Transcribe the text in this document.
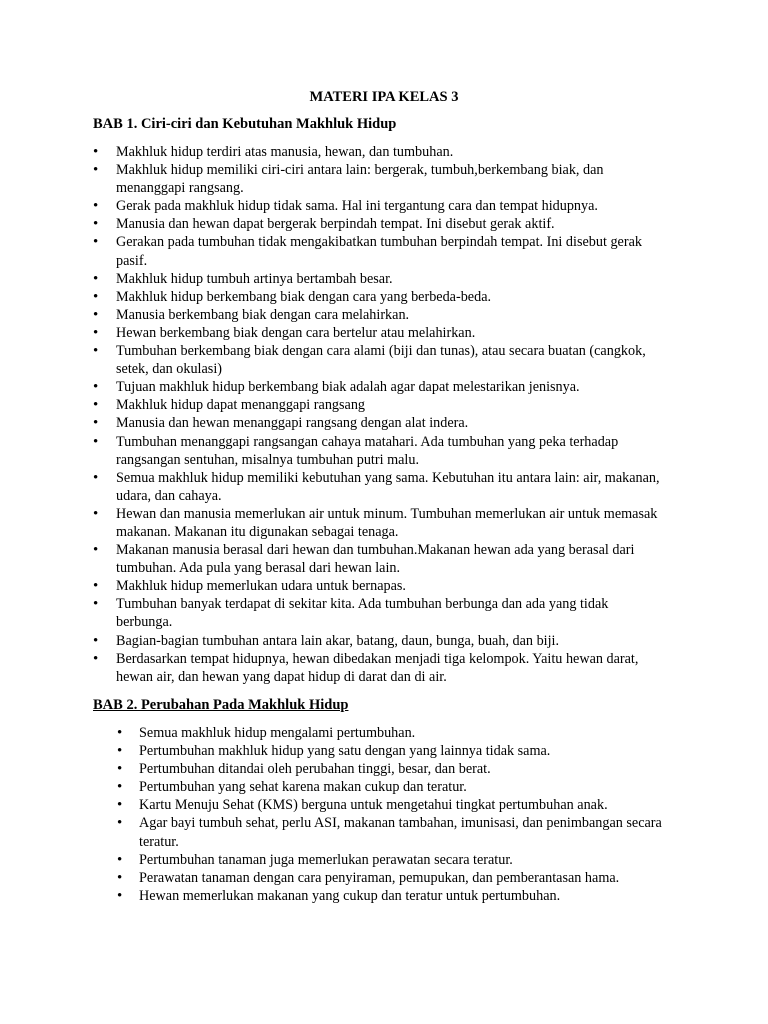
MATERI IPA KELAS 3
BAB 1. Ciri-ciri dan Kebutuhan Makhluk Hidup
• Makhluk hidup terdiri atas manusia, hewan, dan tumbuhan.
• Makhluk hidup memiliki ciri-ciri antara lain: bergerak, tumbuh,berkembang biak, dan menanggapi rangsang.
• Gerak pada makhluk hidup tidak sama. Hal ini tergantung cara dan tempat hidupnya.
• Manusia dan hewan dapat bergerak berpindah tempat. Ini disebut gerak aktif.
• Gerakan pada tumbuhan tidak mengakibatkan tumbuhan berpindah tempat. Ini disebut gerak pasif.
• Makhluk hidup tumbuh artinya bertambah besar.
• Makhluk hidup berkembang biak dengan cara yang berbeda-beda.
• Manusia berkembang biak dengan cara melahirkan.
• Hewan berkembang biak dengan cara bertelur atau melahirkan.
• Tumbuhan berkembang biak dengan cara alami (biji dan tunas), atau secara buatan (cangkok, setek, dan okulasi)
• Tujuan makhluk hidup berkembang biak adalah agar dapat melestarikan jenisnya.
• Makhluk hidup dapat menanggapi rangsang
• Manusia dan hewan menanggapi rangsang dengan alat indera.
• Tumbuhan menanggapi rangsangan cahaya matahari. Ada tumbuhan yang peka terhadap rangsangan sentuhan, misalnya tumbuhan putri malu.
• Semua makhluk hidup memiliki kebutuhan yang sama. Kebutuhan itu antara lain: air, makanan, udara, dan cahaya.
• Hewan dan manusia memerlukan air untuk minum. Tumbuhan memerlukan air untuk memasak makanan. Makanan itu digunakan sebagai tenaga.
• Makanan manusia berasal dari hewan dan tumbuhan.Makanan hewan ada yang berasal dari tumbuhan. Ada pula yang berasal dari hewan lain.
• Makhluk hidup memerlukan udara untuk bernapas.
• Tumbuhan banyak terdapat di sekitar kita. Ada tumbuhan berbunga dan ada yang tidak berbunga.
• Bagian-bagian tumbuhan antara lain akar, batang, daun, bunga, buah, dan biji.
• Berdasarkan tempat hidupnya, hewan dibedakan menjadi tiga kelompok. Yaitu hewan darat, hewan air, dan hewan yang dapat hidup di darat dan di air.
BAB 2. Perubahan Pada Makhluk Hidup
• Semua makhluk hidup mengalami pertumbuhan.
• Pertumbuhan makhluk hidup yang satu dengan yang lainnya tidak sama.
• Pertumbuhan ditandai oleh perubahan tinggi, besar, dan berat.
• Pertumbuhan yang sehat karena makan cukup dan teratur.
• Kartu Menuju Sehat (KMS) berguna untuk mengetahui tingkat pertumbuhan anak.
• Agar bayi tumbuh sehat, perlu ASI, makanan tambahan, imunisasi, dan penimbangan secara teratur.
• Pertumbuhan tanaman juga memerlukan perawatan secara teratur.
• Perawatan tanaman dengan cara penyiraman, pemupukan, dan pemberantasan hama.
• Hewan memerlukan makanan yang cukup dan teratur untuk pertumbuhan.
